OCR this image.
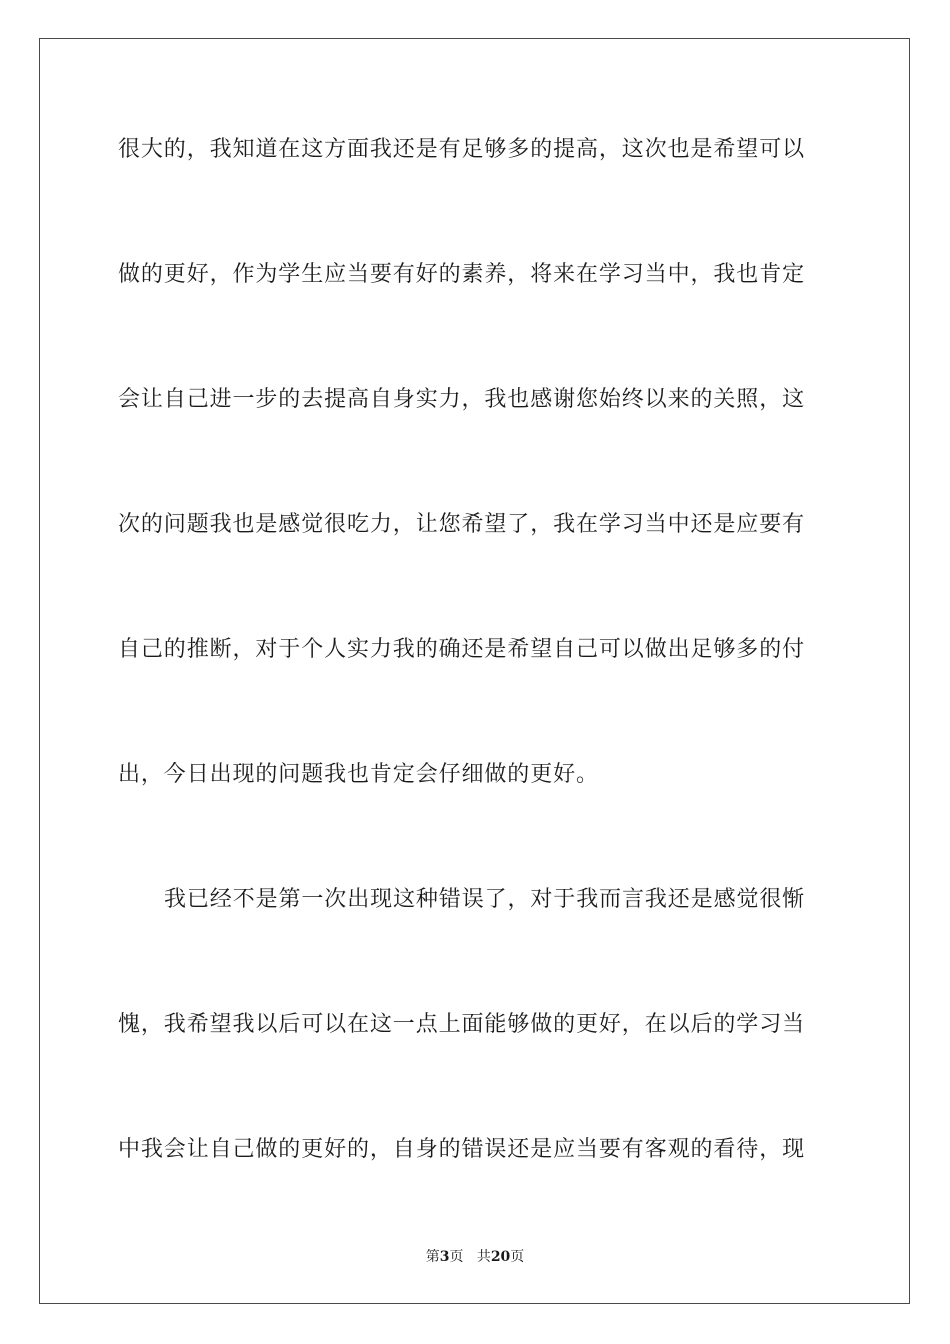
很大的，我知道在这方面我还是有足够多的提高，这次也是希望可以
做的更好，作为学生应当要有好的素养，将来在学习当中，我也肯定
会让自己进一步的去提高自身实力，我也感谢您始终以来的关照，这
次的问题我也是感觉很吃力，让您希望了，我在学习当中还是应要有
自己的推断，对于个人实力我的确还是希望自己可以做出足够多的付
出，今日出现的问题我也肯定会仔细做的更好。
我已经不是第一次出现这种错误了，对于我而言我还是感觉很惭
愧，我希望我以后可以在这一点上面能够做的更好，在以后的学习当
中我会让自己做的更好的，自身的错误还是应当要有客观的看待，现
第3页 共20页
